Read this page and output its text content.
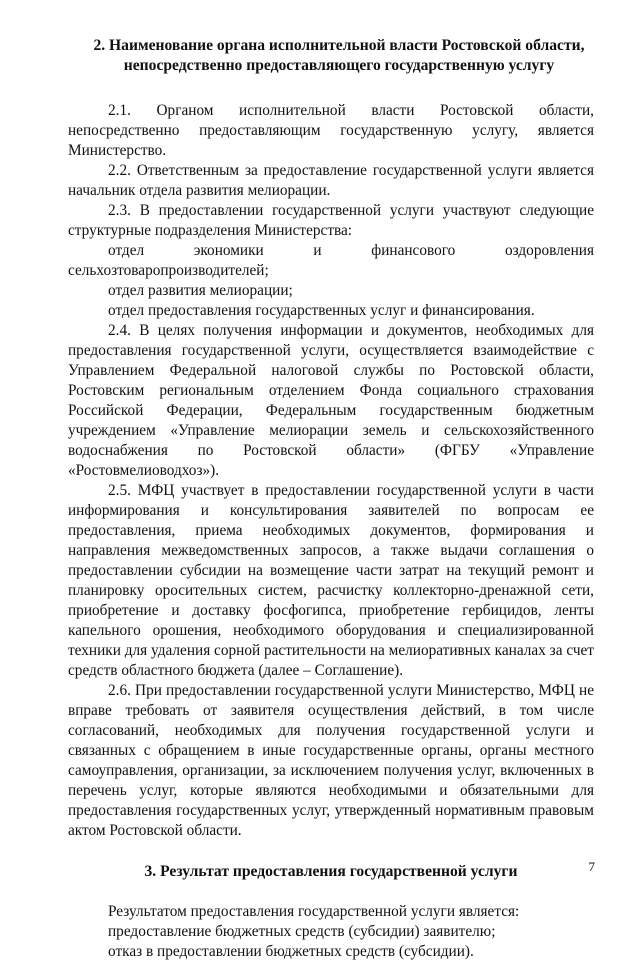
2. Наименование органа исполнительной власти Ростовской области,
непосредственно предоставляющего государственную услугу

2.1. Органом исполнительной власти Ростовской области, непосредственно предоставляющим государственную услугу, является Министерство.

2.2. Ответственным за предоставление государственной услуги является начальник отдела развития мелиорации.

2.3. В предоставлении государственной услуги участвуют следующие структурные подразделения Министерства:

отдел экономики и финансового оздоровления

сельхозтоваропроизводителей;

отдел развития мелиорации;

отдел предоставления государственных услуг и финансирования.

2.4. В целях получения информации и документов, необходимых для предоставления государственной услуги, осуществляется взаимодействие с Управлением Федеральной налоговой службы по Ростовской области, Ростовским региональным отделением Фонда социального страхования Российской Федерации, Федеральным государственным бюджетным учреждением «Управление мелиорации земель и сельскохозяйственного водоснабжения по Ростовской области» (ФГБУ «Управление «Ростовмелиоводхоз»).

2.5. МФЦ участвует в предоставлении государственной услуги в части информирования и консультирования заявителей по вопросам ее предоставления, приема необходимых документов, формирования и направления межведомственных запросов, а также выдачи соглашения о предоставлении субсидии на возмещение части затрат на текущий ремонт и планировку оросительных систем, расчистку коллекторно-дренажной сети, приобретение и доставку фосфогипса, приобретение гербицидов, ленты капельного орошения, необходимого оборудования и специализированной техники для удаления сорной растительности на мелиоративных каналах за счет средств областного бюджета (далее – Соглашение).

2.6. При предоставлении государственной услуги Министерство, МФЦ не вправе требовать от заявителя осуществления действий, в том числе согласований, необходимых для получения государственной услуги и связанных с обращением в иные государственные органы, органы местного самоуправления, организации, за исключением получения услуг, включенных в перечень услуг, которые являются необходимыми и обязательными для предоставления государственных услуг, утвержденный нормативным правовым актом Ростовской области.

3. Результат предоставления государственной услуги

Результатом предоставления государственной услуги является:

предоставление бюджетных средств (субсидии) заявителю;

отказ в предоставлении бюджетных средств (субсидии).

7
